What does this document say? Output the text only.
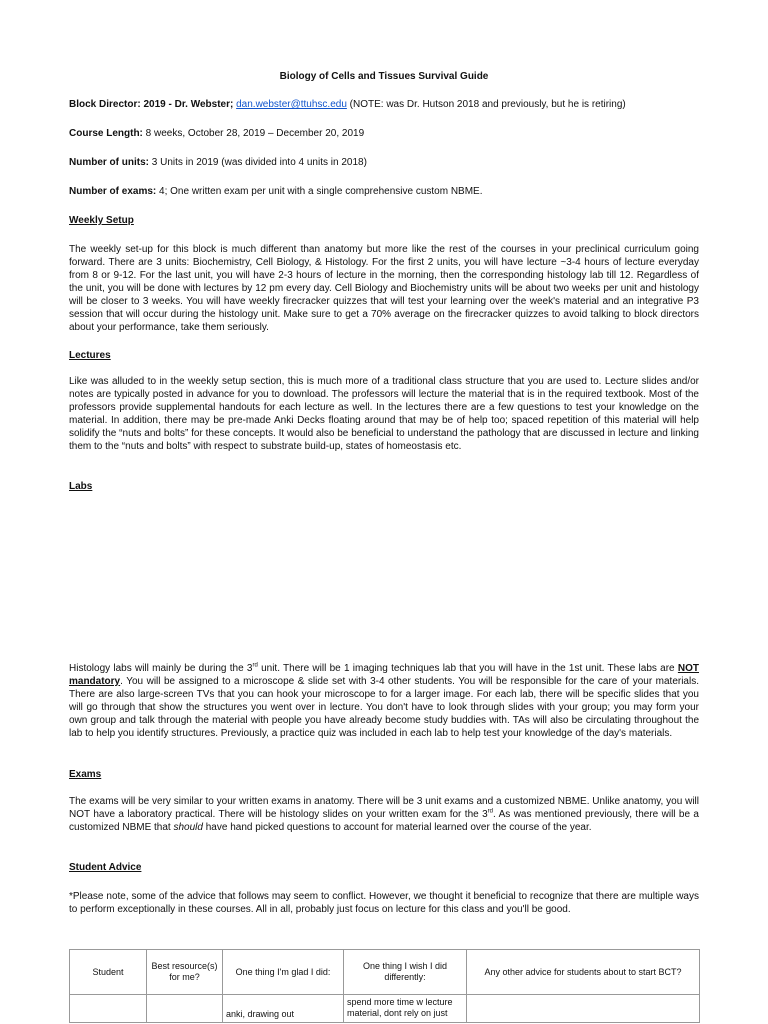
Biology of Cells and Tissues Survival Guide
Block Director: 2019 - Dr. Webster; dan.webster@ttuhsc.edu (NOTE: was Dr. Hutson 2018 and previously, but he is retiring)
Course Length: 8 weeks, October 28, 2019 – December 20, 2019
Number of units: 3 Units in 2019 (was divided into 4 units in 2018)
Number of exams: 4; One written exam per unit with a single comprehensive custom NBME.
Weekly Setup
The weekly set-up for this block is much different than anatomy but more like the rest of the courses in your preclinical curriculum going forward. There are 3 units: Biochemistry, Cell Biology, & Histology. For the first 2 units, you will have lecture ~3-4 hours of lecture everyday from 8 or 9-12. For the last unit, you will have 2-3 hours of lecture in the morning, then the corresponding histology lab till 12. Regardless of the unit, you will be done with lectures by 12 pm every day. Cell Biology and Biochemistry units will be about two weeks per unit and histology will be closer to 3 weeks. You will have weekly firecracker quizzes that will test your learning over the week's material and an integrative P3 session that will occur during the histology unit. Make sure to get a 70% average on the firecracker quizzes to avoid talking to block directors about your performance, take them seriously.
Lectures
Like was alluded to in the weekly setup section, this is much more of a traditional class structure that you are used to. Lecture slides and/or notes are typically posted in advance for you to download. The professors will lecture the material that is in the required textbook. Most of the professors provide supplemental handouts for each lecture as well. In the lectures there are a few questions to test your knowledge on the material. In addition, there may be pre-made Anki Decks floating around that may be of help too; spaced repetition of this material will help solidify the “nuts and bolts” for these concepts. It would also be beneficial to understand the pathology that are discussed in lecture and linking them to the “nuts and bolts” with respect to substrate build-up, states of homeostasis etc.
Labs
Histology labs will mainly be during the 3rd unit. There will be 1 imaging techniques lab that you will have in the 1st unit. These labs are NOT mandatory. You will be assigned to a microscope & slide set with 3-4 other students. You will be responsible for the care of your materials. There are also large-screen TVs that you can hook your microscope to for a larger image. For each lab, there will be specific slides that you will go through that show the structures you went over in lecture. You don't have to look through slides with your group; you may form your own group and talk through the material with people you have already become study buddies with. TAs will also be circulating throughout the lab to help you identify structures. Previously, a practice quiz was included in each lab to help test your knowledge of the day's materials.
Exams
The exams will be very similar to your written exams in anatomy. There will be 3 unit exams and a customized NBME. Unlike anatomy, you will NOT have a laboratory practical. There will be histology slides on your written exam for the 3rd. As was mentioned previously, there will be a customized NBME that should have hand picked questions to account for material learned over the course of the year.
Student Advice
*Please note, some of the advice that follows may seem to conflict. However, we thought it beneficial to recognize that there are multiple ways to perform exceptionally in these courses. All in all, probably just focus on lecture for this class and you'll be good.
Student	Best resource(s) for me?	One thing I'm glad I did:	One thing I wish I did differently:	Any other advice for students about to start BCT?
		anki, drawing out	spend more time w lecture material, dont rely on just	
